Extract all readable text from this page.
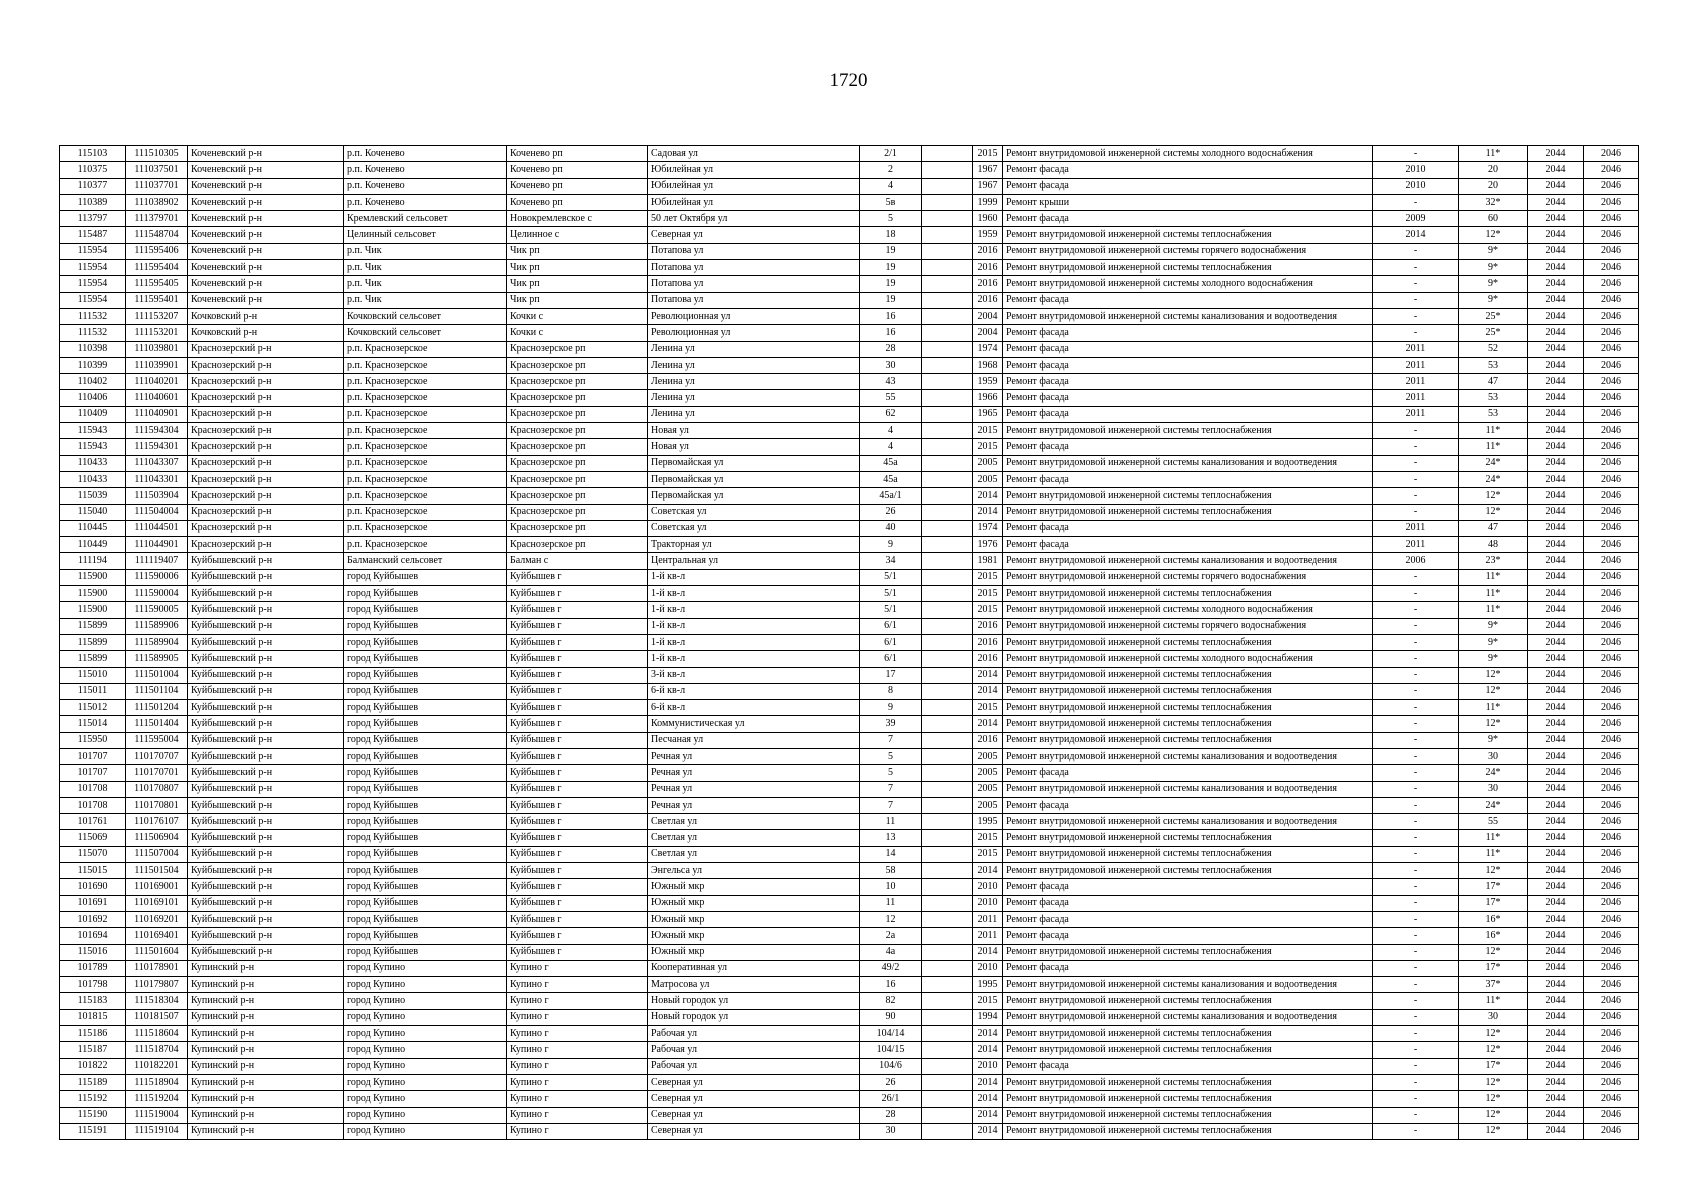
1720
115103	111510305	Коченевский р-н	р.п. Коченево	Коченево рп	Садовая ул	2/1		2015	Ремонт внутридомовой инженерной системы холодного водоснабжения	-	11*	2044	2046
110375	111037501	Коченевский р-н	р.п. Коченево	Коченево рп	Юбилейная ул	2		1967	Ремонт фасада	2010	20	2044	2046
110377	111037701	Коченевский р-н	р.п. Коченево	Коченево рп	Юбилейная ул	4		1967	Ремонт фасада	2010	20	2044	2046
110389	111038902	Коченевский р-н	р.п. Коченево	Коченево рп	Юбилейная ул	5в		1999	Ремонт крыши	-	32*	2044	2046
113797	111379701	Коченевский р-н	Кремлевский сельсовет	Новокремлевское с	50 лет Октября ул	5		1960	Ремонт фасада	2009	60	2044	2046
115487	111548704	Коченевский р-н	Целинный сельсовет	Целинное с	Северная ул	18		1959	Ремонт внутридомовой инженерной системы теплоснабжения	2014	12*	2044	2046
115954	111595406	Коченевский р-н	р.п. Чик	Чик рп	Потапова ул	19		2016	Ремонт внутридомовой инженерной системы горячего водоснабжения	-	9*	2044	2046
115954	111595404	Коченевский р-н	р.п. Чик	Чик рп	Потапова ул	19		2016	Ремонт внутридомовой инженерной системы теплоснабжения	-	9*	2044	2046
115954	111595405	Коченевский р-н	р.п. Чик	Чик рп	Потапова ул	19		2016	Ремонт внутридомовой инженерной системы холодного водоснабжения	-	9*	2044	2046
115954	111595401	Коченевский р-н	р.п. Чик	Чик рп	Потапова ул	19		2016	Ремонт фасада	-	9*	2044	2046
111532	111153207	Кочковский р-н	Кочковский сельсовет	Кочки с	Революционная ул	16		2004	Ремонт внутридомовой инженерной системы канализования и водоотведения	-	25*	2044	2046
111532	111153201	Кочковский р-н	Кочковский сельсовет	Кочки с	Революционная ул	16		2004	Ремонт фасада	-	25*	2044	2046
110398	111039801	Краснозерский р-н	р.п. Краснозерское	Краснозерское рп	Ленина ул	28		1974	Ремонт фасада	2011	52	2044	2046
110399	111039901	Краснозерский р-н	р.п. Краснозерское	Краснозерское рп	Ленина ул	30		1968	Ремонт фасада	2011	53	2044	2046
110402	111040201	Краснозерский р-н	р.п. Краснозерское	Краснозерское рп	Ленина ул	43		1959	Ремонт фасада	2011	47	2044	2046
110406	111040601	Краснозерский р-н	р.п. Краснозерское	Краснозерское рп	Ленина ул	55		1966	Ремонт фасада	2011	53	2044	2046
110409	111040901	Краснозерский р-н	р.п. Краснозерское	Краснозерское рп	Ленина ул	62		1965	Ремонт фасада	2011	53	2044	2046
115943	111594304	Краснозерский р-н	р.п. Краснозерское	Краснозерское рп	Новая ул	4		2015	Ремонт внутридомовой инженерной системы теплоснабжения	-	11*	2044	2046
115943	111594301	Краснозерский р-н	р.п. Краснозерское	Краснозерское рп	Новая ул	4		2015	Ремонт фасада	-	11*	2044	2046
110433	111043307	Краснозерский р-н	р.п. Краснозерское	Краснозерское рп	Первомайская ул	45а		2005	Ремонт внутридомовой инженерной системы канализования и водоотведения	-	24*	2044	2046
110433	111043301	Краснозерский р-н	р.п. Краснозерское	Краснозерское рп	Первомайская ул	45а		2005	Ремонт фасада	-	24*	2044	2046
115039	111503904	Краснозерский р-н	р.п. Краснозерское	Краснозерское рп	Первомайская ул	45а/1		2014	Ремонт внутридомовой инженерной системы теплоснабжения	-	12*	2044	2046
115040	111504004	Краснозерский р-н	р.п. Краснозерское	Краснозерское рп	Советская ул	26		2014	Ремонт внутридомовой инженерной системы теплоснабжения	-	12*	2044	2046
110445	111044501	Краснозерский р-н	р.п. Краснозерское	Краснозерское рп	Советская ул	40		1974	Ремонт фасада	2011	47	2044	2046
110449	111044901	Краснозерский р-н	р.п. Краснозерское	Краснозерское рп	Тракторная ул	9		1976	Ремонт фасада	2011	48	2044	2046
111194	111119407	Куйбышевский р-н	Балманский сельсовет	Балман с	Центральная ул	34		1981	Ремонт внутридомовой инженерной системы канализования и водоотведения	2006	23*	2044	2046
115900	111590006	Куйбышевский р-н	город Куйбышев	Куйбышев г	1-й кв-л	5/1		2015	Ремонт внутридомовой инженерной системы горячего водоснабжения	-	11*	2044	2046
115900	111590004	Куйбышевский р-н	город Куйбышев	Куйбышев г	1-й кв-л	5/1		2015	Ремонт внутридомовой инженерной системы теплоснабжения	-	11*	2044	2046
115900	111590005	Куйбышевский р-н	город Куйбышев	Куйбышев г	1-й кв-л	5/1		2015	Ремонт внутридомовой инженерной системы холодного водоснабжения	-	11*	2044	2046
115899	111589906	Куйбышевский р-н	город Куйбышев	Куйбышев г	1-й кв-л	6/1		2016	Ремонт внутридомовой инженерной системы горячего водоснабжения	-	9*	2044	2046
115899	111589904	Куйбышевский р-н	город Куйбышев	Куйбышев г	1-й кв-л	6/1		2016	Ремонт внутридомовой инженерной системы теплоснабжения	-	9*	2044	2046
115899	111589905	Куйбышевский р-н	город Куйбышев	Куйбышев г	1-й кв-л	6/1		2016	Ремонт внутридомовой инженерной системы холодного водоснабжения	-	9*	2044	2046
115010	111501004	Куйбышевский р-н	город Куйбышев	Куйбышев г	3-й кв-л	17		2014	Ремонт внутридомовой инженерной системы теплоснабжения	-	12*	2044	2046
115011	111501104	Куйбышевский р-н	город Куйбышев	Куйбышев г	6-й кв-л	8		2014	Ремонт внутридомовой инженерной системы теплоснабжения	-	12*	2044	2046
115012	111501204	Куйбышевский р-н	город Куйбышев	Куйбышев г	6-й кв-л	9		2015	Ремонт внутридомовой инженерной системы теплоснабжения	-	11*	2044	2046
115014	111501404	Куйбышевский р-н	город Куйбышев	Куйбышев г	Коммунистическая ул	39		2014	Ремонт внутридомовой инженерной системы теплоснабжения	-	12*	2044	2046
115950	111595004	Куйбышевский р-н	город Куйбышев	Куйбышев г	Песчаная ул	7		2016	Ремонт внутридомовой инженерной системы теплоснабжения	-	9*	2044	2046
101707	110170707	Куйбышевский р-н	город Куйбышев	Куйбышев г	Речная ул	5		2005	Ремонт внутридомовой инженерной системы канализования и водоотведения	-	30	2044	2046
101707	110170701	Куйбышевский р-н	город Куйбышев	Куйбышев г	Речная ул	5		2005	Ремонт фасада	-	24*	2044	2046
101708	110170807	Куйбышевский р-н	город Куйбышев	Куйбышев г	Речная ул	7		2005	Ремонт внутридомовой инженерной системы канализования и водоотведения	-	30	2044	2046
101708	110170801	Куйбышевский р-н	город Куйбышев	Куйбышев г	Речная ул	7		2005	Ремонт фасада	-	24*	2044	2046
101761	110176107	Куйбышевский р-н	город Куйбышев	Куйбышев г	Светлая ул	11		1995	Ремонт внутридомовой инженерной системы канализования и водоотведения	-	55	2044	2046
115069	111506904	Куйбышевский р-н	город Куйбышев	Куйбышев г	Светлая ул	13		2015	Ремонт внутридомовой инженерной системы теплоснабжения	-	11*	2044	2046
115070	111507004	Куйбышевский р-н	город Куйбышев	Куйбышев г	Светлая ул	14		2015	Ремонт внутридомовой инженерной системы теплоснабжения	-	11*	2044	2046
115015	111501504	Куйбышевский р-н	город Куйбышев	Куйбышев г	Энгельса ул	58		2014	Ремонт внутридомовой инженерной системы теплоснабжения	-	12*	2044	2046
101690	110169001	Куйбышевский р-н	город Куйбышев	Куйбышев г	Южный мкр	10		2010	Ремонт фасада	-	17*	2044	2046
101691	110169101	Куйбышевский р-н	город Куйбышев	Куйбышев г	Южный мкр	11		2010	Ремонт фасада	-	17*	2044	2046
101692	110169201	Куйбышевский р-н	город Куйбышев	Куйбышев г	Южный мкр	12		2011	Ремонт фасада	-	16*	2044	2046
101694	110169401	Куйбышевский р-н	город Куйбышев	Куйбышев г	Южный мкр	2а		2011	Ремонт фасада	-	16*	2044	2046
115016	111501604	Куйбышевский р-н	город Куйбышев	Куйбышев г	Южный мкр	4а		2014	Ремонт внутридомовой инженерной системы теплоснабжения	-	12*	2044	2046
101789	110178901	Купинский р-н	город Купино	Купино г	Кооперативная ул	49/2		2010	Ремонт фасада	-	17*	2044	2046
101798	110179807	Купинский р-н	город Купино	Купино г	Матросова ул	16		1995	Ремонт внутридомовой инженерной системы канализования и водоотведения	-	37*	2044	2046
115183	111518304	Купинский р-н	город Купино	Купино г	Новый городок ул	82		2015	Ремонт внутридомовой инженерной системы теплоснабжения	-	11*	2044	2046
101815	110181507	Купинский р-н	город Купино	Купино г	Новый городок ул	90		1994	Ремонт внутридомовой инженерной системы канализования и водоотведения	-	30	2044	2046
115186	111518604	Купинский р-н	город Купино	Купино г	Рабочая ул	104/14		2014	Ремонт внутридомовой инженерной системы теплоснабжения	-	12*	2044	2046
115187	111518704	Купинский р-н	город Купино	Купино г	Рабочая ул	104/15		2014	Ремонт внутридомовой инженерной системы теплоснабжения	-	12*	2044	2046
101822	110182201	Купинский р-н	город Купино	Купино г	Рабочая ул	104/6		2010	Ремонт фасада	-	17*	2044	2046
115189	111518904	Купинский р-н	город Купино	Купино г	Северная ул	26		2014	Ремонт внутридомовой инженерной системы теплоснабжения	-	12*	2044	2046
115192	111519204	Купинский р-н	город Купино	Купино г	Северная ул	26/1		2014	Ремонт внутридомовой инженерной системы теплоснабжения	-	12*	2044	2046
115190	111519004	Купинский р-н	город Купино	Купино г	Северная ул	28		2014	Ремонт внутридомовой инженерной системы теплоснабжения	-	12*	2044	2046
115191	111519104	Купинский р-н	город Купино	Купино г	Северная ул	30		2014	Ремонт внутридомовой инженерной системы теплоснабжения	-	12*	2044	2046
